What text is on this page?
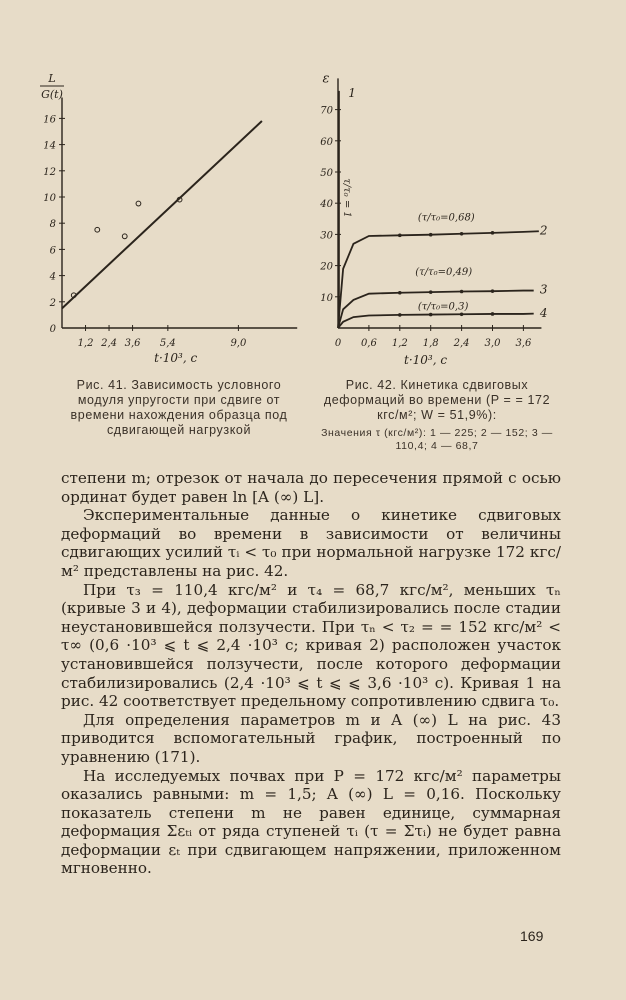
0
2
4
6
8
10
12
14
16
1,2 2,4 3,6 5,4	9,0
L
G(t)
t·10³, c
Рис. 41. Зависимость условного модуля упругости при сдвиге от времени нахождения образца под сдвигающей нагрузкой
10
20
30
40
50
60
70
0 0,6 1,2 1,8 2,4 3,0 3,6
ε
t·10³, c
1
2
3
4
τ/τ₀ = 1
(τ/τ₀=0,68)
(τ/τ₀=0,49)
(τ/τ₀=0,3)
Рис. 42. Кинетика сдвиговых деформаций во времени (P = = 172 кгс/м²; W = 51,9%):
Значения τ (кгс/м²): 1 — 225; 2 — 152; 3 — 110,4; 4 — 68,7

степени m; отрезок от начала до пересечения прямой с осью ординат будет равен ln [A (∞) L].

Экспериментальные данные о кинетике сдвиговых деформаций во времени в зависимости от величины сдвигающих усилий τᵢ < τ₀ при нормальной нагрузке 172 кгс/м² представлены на рис. 42.

При τ₃ = 110,4 кгс/м² и τ₄ = 68,7 кгс/м², меньших τₙ (кривые 3 и 4), деформации стабилизировались после стадии неустановившейся ползучести. При τₙ < τ₂ = = 152 кгс/м² < τ∞ (0,6 ·10³ ⩽ t ⩽ 2,4 ·10³ с; кривая 2) расположен участок установившейся ползучести, после которого деформации стабилизировались (2,4 ·10³ ⩽ t ⩽ ⩽ 3,6 ·10³ с). Кривая 1 на рис. 42 соответствует предельному сопротивлению сдвига τ₀.

Для определения параметров m и A (∞) L на рис. 43 приводится вспомогательный график, построенный по уравнению (171).

На исследуемых почвах при P = 172 кгс/м² параметры оказались равными: m = 1,5; A (∞) L = 0,16. Поскольку показатель степени m не равен единице, суммарная деформация Σεₜᵢ от ряда ступеней τᵢ (τ = Στᵢ) не будет равна деформации εₜ при сдвигающем напряжении, приложенном мгновенно.

169
